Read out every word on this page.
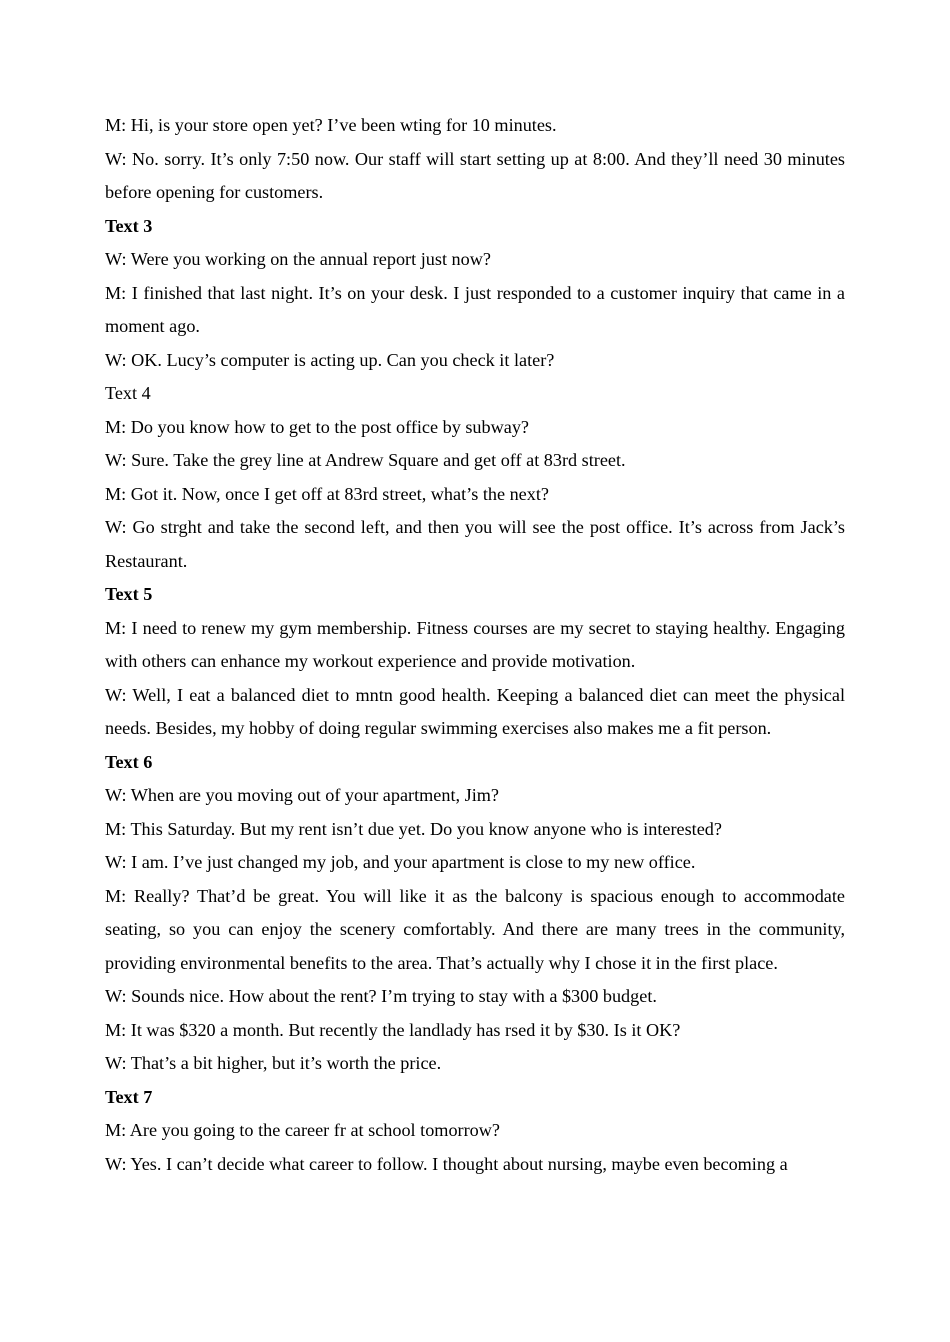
M: Hi, is your store open yet? I’ve been wting for 10 minutes.

W: No. sorry. It’s only 7:50 now. Our staff will start setting up at 8:00. And they’ll need 30 minutes before opening for customers.

Text 3

W: Were you working on the annual report just now?

M: I finished that last night. It’s on your desk. I just responded to a customer inquiry that came in a moment ago.

W: OK. Lucy’s computer is acting up. Can you check it later?

Text 4

M: Do you know how to get to the post office by subway?

W: Sure. Take the grey line at Andrew Square and get off at 83rd street.

M: Got it. Now, once I get off at 83rd street, what’s the next?

W: Go strght and take the second left, and then you will see the post office. It’s across from Jack’s Restaurant.

Text 5

M: I need to renew my gym membership. Fitness courses are my secret to staying healthy. Engaging with others can enhance my workout experience and provide motivation.

W: Well, I eat a balanced diet to mntn good health. Keeping a balanced diet can meet the physical needs. Besides, my hobby of doing regular swimming exercises also makes me a fit person.

Text 6

W: When are you moving out of your apartment, Jim?

M: This Saturday. But my rent isn’t due yet. Do you know anyone who is interested?

W: I am. I’ve just changed my job, and your apartment is close to my new office.

M: Really? That’d be great. You will like it as the balcony is spacious enough to accommodate seating, so you can enjoy the scenery comfortably. And there are many trees in the community, providing environmental benefits to the area. That’s actually why I chose it in the first place.

W: Sounds nice. How about the rent? I’m trying to stay with a $300 budget.

M: It was $320 a month. But recently the landlady has rsed it by $30. Is it OK?

W: That’s a bit higher, but it’s worth the price.

Text 7

M: Are you going to the career fr at school tomorrow?

W: Yes. I can’t decide what career to follow. I thought about nursing, maybe even becoming a
